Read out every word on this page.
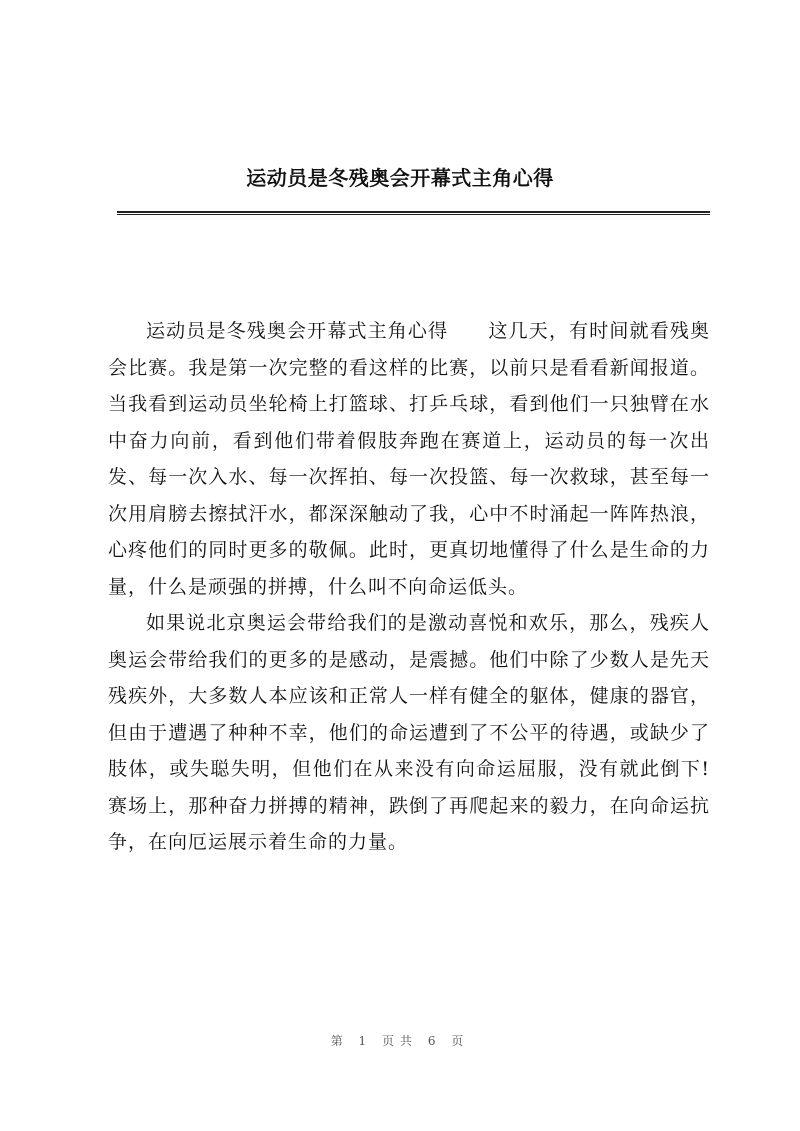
运动员是冬残奥会开幕式主角心得

运动员是冬残奥会开幕式主角心得　　这几天，有时间就看残奥会比赛。我是第一次完整的看这样的比赛，以前只是看看新闻报道。当我看到运动员坐轮椅上打篮球、打乒乓球，看到他们一只独臂在水中奋力向前，看到他们带着假肢奔跑在赛道上，运动员的每一次出发、每一次入水、每一次挥拍、每一次投篮、每一次救球，甚至每一次用肩膀去擦拭汗水，都深深触动了我，心中不时涌起一阵阵热浪，心疼他们的同时更多的敬佩。此时，更真切地懂得了什么是生命的力量，什么是顽强的拼搏，什么叫不向命运低头。

如果说北京奥运会带给我们的是激动喜悦和欢乐，那么，残疾人奥运会带给我们的更多的是感动，是震撼。他们中除了少数人是先天残疾外，大多数人本应该和正常人一样有健全的躯体，健康的器官，但由于遭遇了种种不幸，他们的命运遭到了不公平的待遇，或缺少了肢体，或失聪失明，但他们在从来没有向命运屈服，没有就此倒下!赛场上，那种奋力拼搏的精神，跌倒了再爬起来的毅力，在向命运抗争，在向厄运展示着生命的力量。

第 1 页共 6 页
